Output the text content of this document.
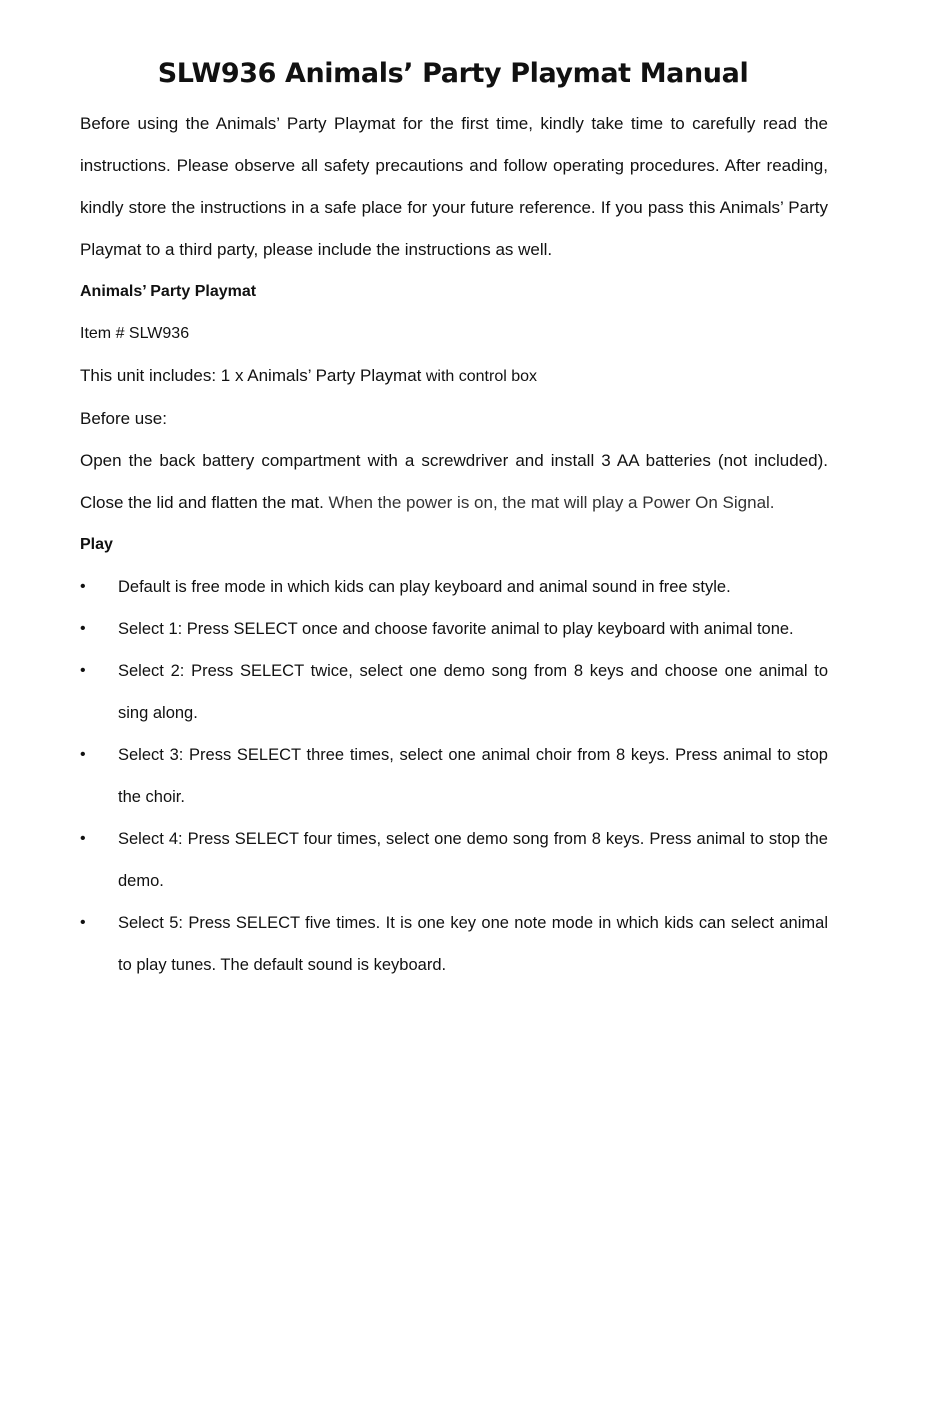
SLW936 Animals’ Party Playmat Manual

Before using the Animals’ Party Playmat for the first time, kindly take time to carefully read the instructions. Please observe all safety precautions and follow operating procedures. After reading, kindly store the instructions in a safe place for your future reference. If you pass this Animals’ Party Playmat to a third party, please include the instructions as well.

Animals’ Party Playmat

Item # SLW936

This unit includes: 1 x Animals’ Party Playmat with control box

Before use:

Open the back battery compartment with a screwdriver and install 3 AA batteries (not included). Close the lid and flatten the mat. When the power is on, the mat will play a Power On Signal.

Play

• Default is free mode in which kids can play keyboard and animal sound in free style.
• Select 1: Press SELECT once and choose favorite animal to play keyboard with animal tone.
• Select 2: Press SELECT twice, select one demo song from 8 keys and choose one animal to sing along.
• Select 3: Press SELECT three times, select one animal choir from 8 keys. Press animal to stop the choir.
• Select 4: Press SELECT four times, select one demo song from 8 keys. Press animal to stop the demo.
• Select 5: Press SELECT five times. It is one key one note mode in which kids can select animal to play tunes. The default sound is keyboard.
